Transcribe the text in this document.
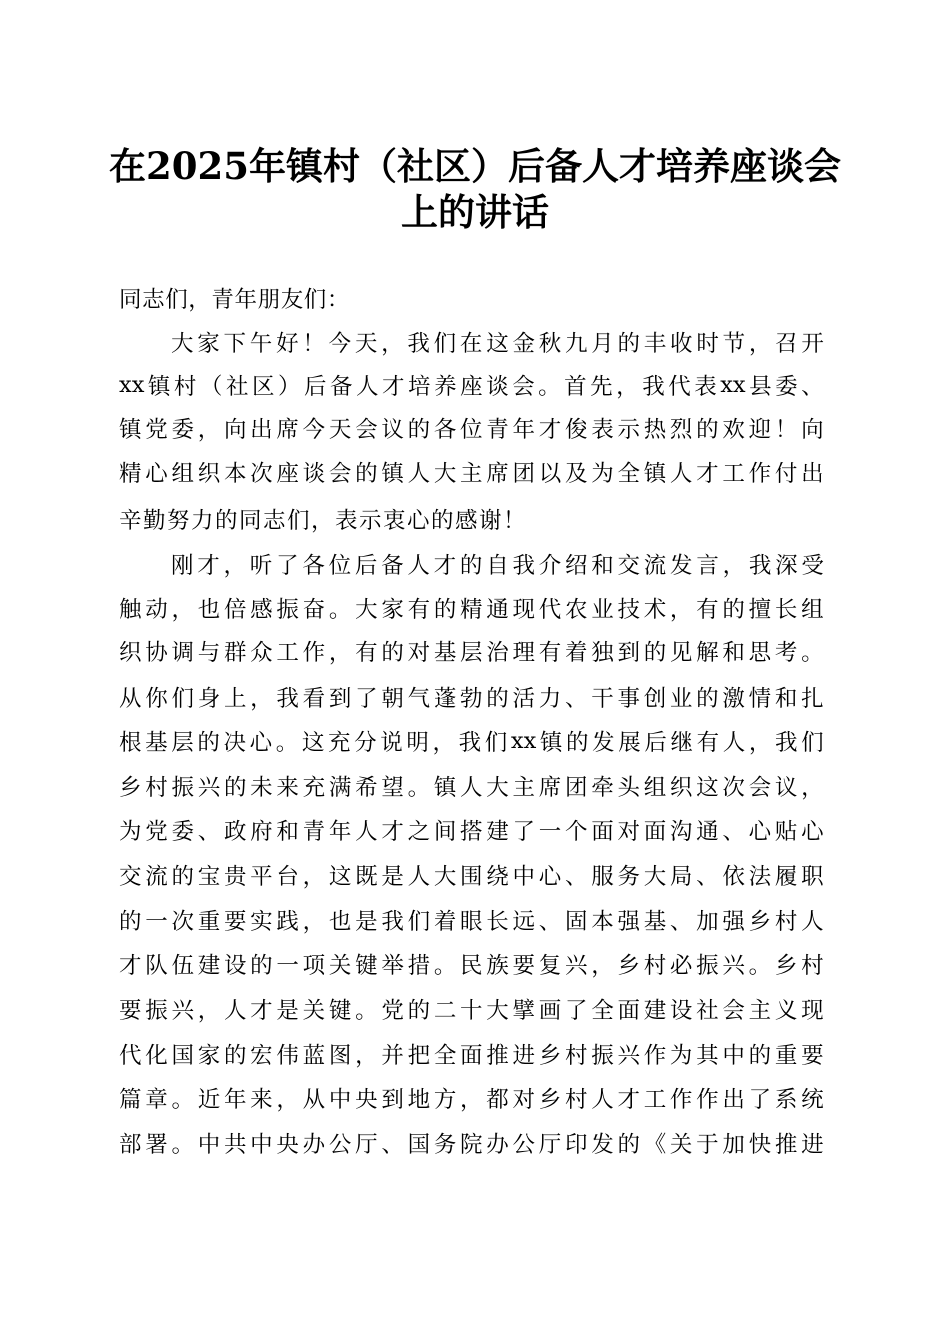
在2025年镇村（社区）后备人才培养座谈会
上的讲话
同志们，青年朋友们：
大 家 下 午 好 ！ 今 天 ， 我 们 在 这 金 秋 九 月 的 丰 收 时 节 ， 召 开
xx 镇 村 （ 社 区 ） 后 备 人 才 培 养 座 谈 会 。 首 先 ， 我 代 表 xx 县 委 、
镇 党 委 ， 向 出 席 今 天 会 议 的 各 位 青 年 才 俊 表 示 热 烈 的 欢 迎 ！ 向
精 心 组 织 本 次 座 谈 会 的 镇 人 大 主 席 团 以 及 为 全 镇 人 才 工 作 付 出
辛勤努力的同志们，表示衷心的感谢！
刚 才 ， 听 了 各 位 后 备 人 才 的 自 我 介 绍 和 交 流 发 言 ， 我 深 受
触 动 ， 也 倍 感 振 奋 。 大 家 有 的 精 通 现 代 农 业 技 术 ， 有 的 擅 长 组
织 协 调 与 群 众 工 作 ， 有 的 对 基 层 治 理 有 着 独 到 的 见 解 和 思 考 。
从 你 们 身 上 ， 我 看 到 了 朝 气 蓬 勃 的 活 力 、 干 事 创 业 的 激 情 和 扎
根 基 层 的 决 心 。 这 充 分 说 明 ， 我 们 xx 镇 的 发 展 后 继 有 人 ， 我 们
乡 村 振 兴 的 未 来 充 满 希 望 。 镇 人 大 主 席 团 牵 头 组 织 这 次 会 议 ，
为 党 委 、 政 府 和 青 年 人 才 之 间 搭 建 了 一 个 面 对 面 沟 通 、 心 贴 心
交 流 的 宝 贵 平 台 ， 这 既 是 人 大 围 绕 中 心 、 服 务 大 局 、 依 法 履 职
的 一 次 重 要 实 践 ， 也 是 我 们 着 眼 长 远 、 固 本 强 基 、 加 强 乡 村 人
才 队 伍 建 设 的 一 项 关 键 举 措 。 民 族 要 复 兴 ， 乡 村 必 振 兴 。 乡 村
要 振 兴 ， 人 才 是 关 键 。 党 的 二 十 大 擘 画 了 全 面 建 设 社 会 主 义 现
代 化 国 家 的 宏 伟 蓝 图 ， 并 把 全 面 推 进 乡 村 振 兴 作 为 其 中 的 重 要
篇 章 。 近 年 来 ， 从 中 央 到 地 方 ， 都 对 乡 村 人 才 工 作 作 出 了 系 统
部 署 。 中 共 中 央 办 公 厅 、 国 务 院 办 公 厅 印 发 的 《 关 于 加 快 推 进
